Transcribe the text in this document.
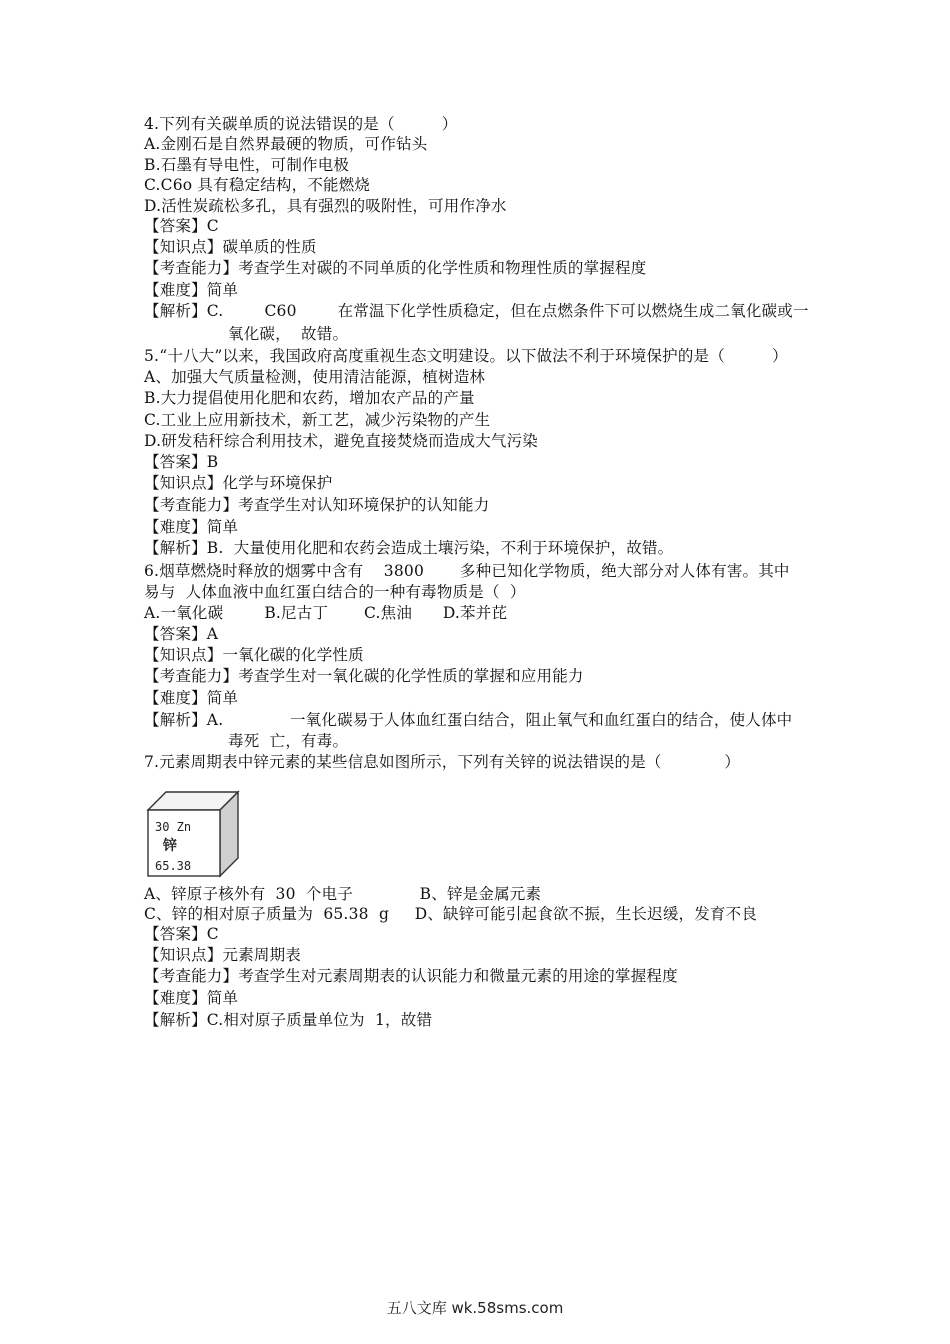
4.下列有关碳单质的说法错误的是（　　　）
A.金刚石是自然界最硬的物质，可作钻头
B.石墨有导电性，可制作电极
C.C6o 具有稳定结构，不能燃烧
D.活性炭疏松多孔，具有强烈的吸附性，可用作净水
【答案】C
【知识点】碳单质的性质
【考查能力】考查学生对碳的不同单质的化学性质和物理性质的掌握程度
【难度】简单
【解析】C.        C60        在常温下化学性质稳定，但在点燃条件下可以燃烧生成二氧化碳或一
氧化碳，  故错。
5.“十八大”以来，我国政府高度重视生态文明建设。以下做法不利于环境保护的是（　　　）
A、加强大气质量检测，使用清洁能源，植树造林
B.大力提倡使用化肥和农药，增加农产品的产量
C.工业上应用新技术，新工艺，减少污染物的产生
D.研发秸秆综合利用技术，避免直接焚烧而造成大气污染
【答案】B
【知识点】化学与环境保护
【考查能力】考查学生对认知环境保护的认知能力
【难度】简单
【解析】B.  大量使用化肥和农药会造成土壤污染，不利于环境保护，故错。
6.烟草燃烧时释放的烟雾中含有    3800       多种已知化学物质，绝大部分对人体有害。其中
易与  人体血液中血红蛋白结合的一种有毒物质是（  ）
A.一氧化碳        B.尼古丁       C.焦油      D.苯并芘
【答案】A
【知识点】一氧化碳的化学性质
【考查能力】考查学生对一氧化碳的化学性质的掌握和应用能力
【难度】简单
【解析】A.             一氧化碳易于人体血红蛋白结合，阻止氧气和血红蛋白的结合，使人体中
毒死  亡，有毒。
7.元素周期表中锌元素的某些信息如图所示，下列有关锌的说法错误的是（　　　　）
30 Zn
锌
65.38
A、锌原子核外有  30  个电子             B、锌是金属元素
C、锌的相对原子质量为  65.38  g     D、缺锌可能引起食欲不振，生长迟缓，发育不良
【答案】C
【知识点】元素周期表
【考查能力】考查学生对元素周期表的认识能力和微量元素的用途的掌握程度
【难度】简单
【解析】C.相对原子质量单位为  1，故错
五八文库 wk.58sms.com
